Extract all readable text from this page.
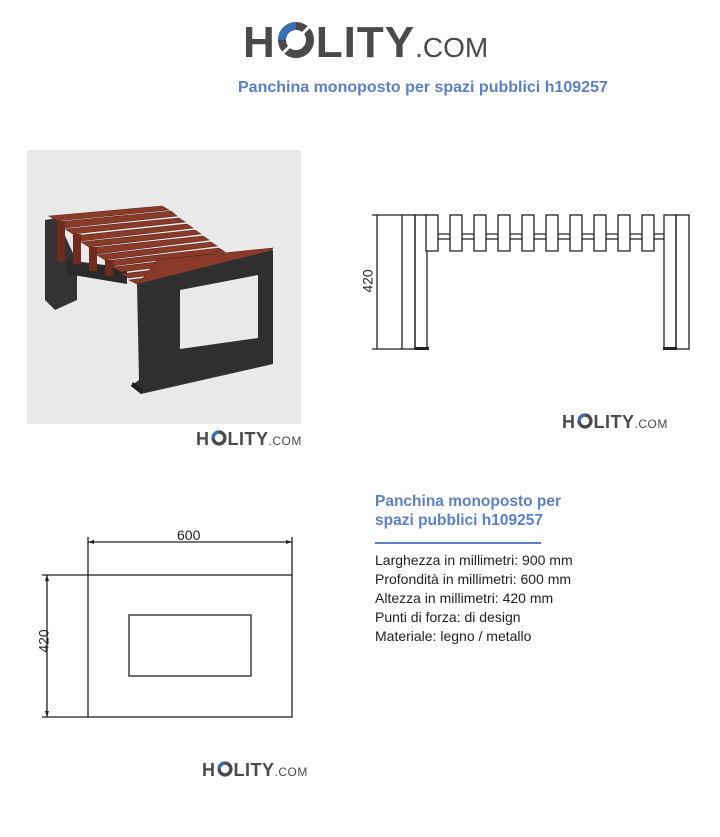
H LITY .COM
Panchina monoposto per spazi pubblici h109257
H LITY .COM
420
H LITY .COM
600
420
H LITY .COM

Panchina monoposto per
spazi pubblici h109257

Larghezza in millimetri: 900 mm
Profondità in millimetri: 600 mm
Altezza in millimetri: 420 mm
Punti di forza: di design
Materiale: legno / metallo
